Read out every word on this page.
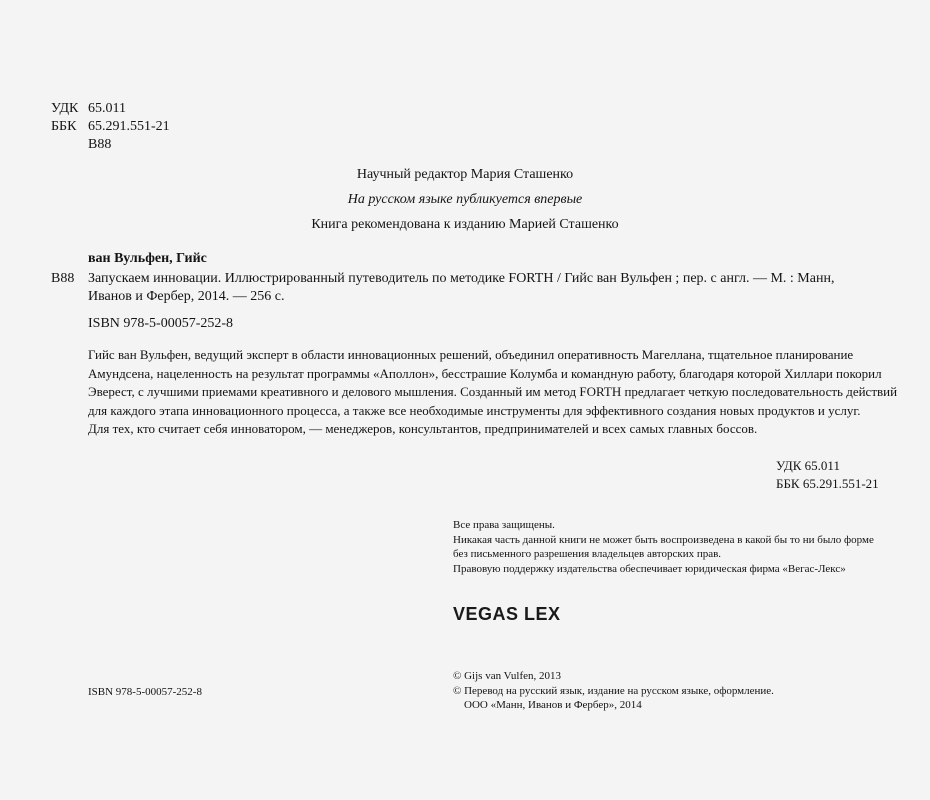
УДК 65.011
ББК 65.291.551-21
В88
Научный редактор Мария Сташенко
На русском языке публикуется впервые
Книга рекомендована к изданию Марией Сташенко
ван Вульфен, Гийс
В88 Запускаем инновации. Иллюстрированный путеводитель по методике FORTH / Гийс ван Вульфен ; пер. с англ. — М. : Манн,
Иванов и Фербер, 2014. — 256 с.
ISBN 978-5-00057-252-8
Гийс ван Вульфен, ведущий эксперт в области инновационных решений, объединил оперативность Магеллана, тщательное планирование
Амундсена, нацеленность на результат программы «Аполлон», бесстрашие Колумба и командную работу, благодаря которой Хиллари покорил
Эверест, с лучшими приемами креативного и делового мышления. Созданный им метод FORTH предлагает четкую последовательность действий
для каждого этапа инновационного процесса, а также все необходимые инструменты для эффективного создания новых продуктов и услуг.
Для тех, кто считает себя инноватором, — менеджеров, консультантов, предпринимателей и всех самых главных боссов.
УДК 65.011
ББК 65.291.551-21
Все права защищены.
Никакая часть данной книги не может быть воспроизведена в какой бы то ни было форме
без письменного разрешения владельцев авторских прав.
Правовую поддержку издательства обеспечивает юридическая фирма «Вегас-Лекс»
VEGAS LEX
ISBN 978-5-00057-252-8
© Gijs van Vulfen, 2013
© Перевод на русский язык, издание на русском языке, оформление.
ООО «Манн, Иванов и Фербер», 2014
